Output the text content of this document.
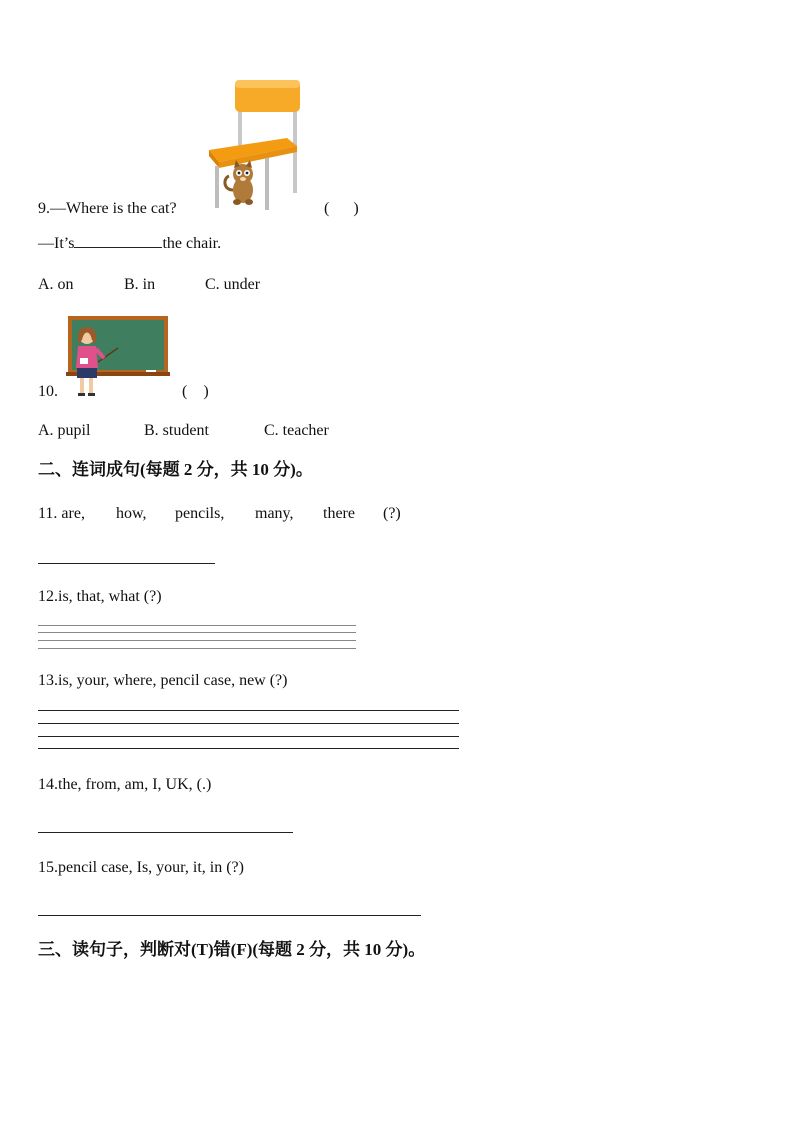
9.—Where is the cat?	(      )
—It’s	the chair.
A. on	B. in	C. under
10.	(    )
A. pupil	B. student	C. teacher
二、连词成句(每题 2 分，共 10 分)。
11. are, how, pencils, many, there (?)
12.is, that, what (?)
13.is, your, where, pencil case, new (?)
14.the, from, am, I, UK, (.)
15.pencil case, Is, your, it, in (?)
三、读句子，判断对(T)错(F)(每题 2 分，共 10 分)。
